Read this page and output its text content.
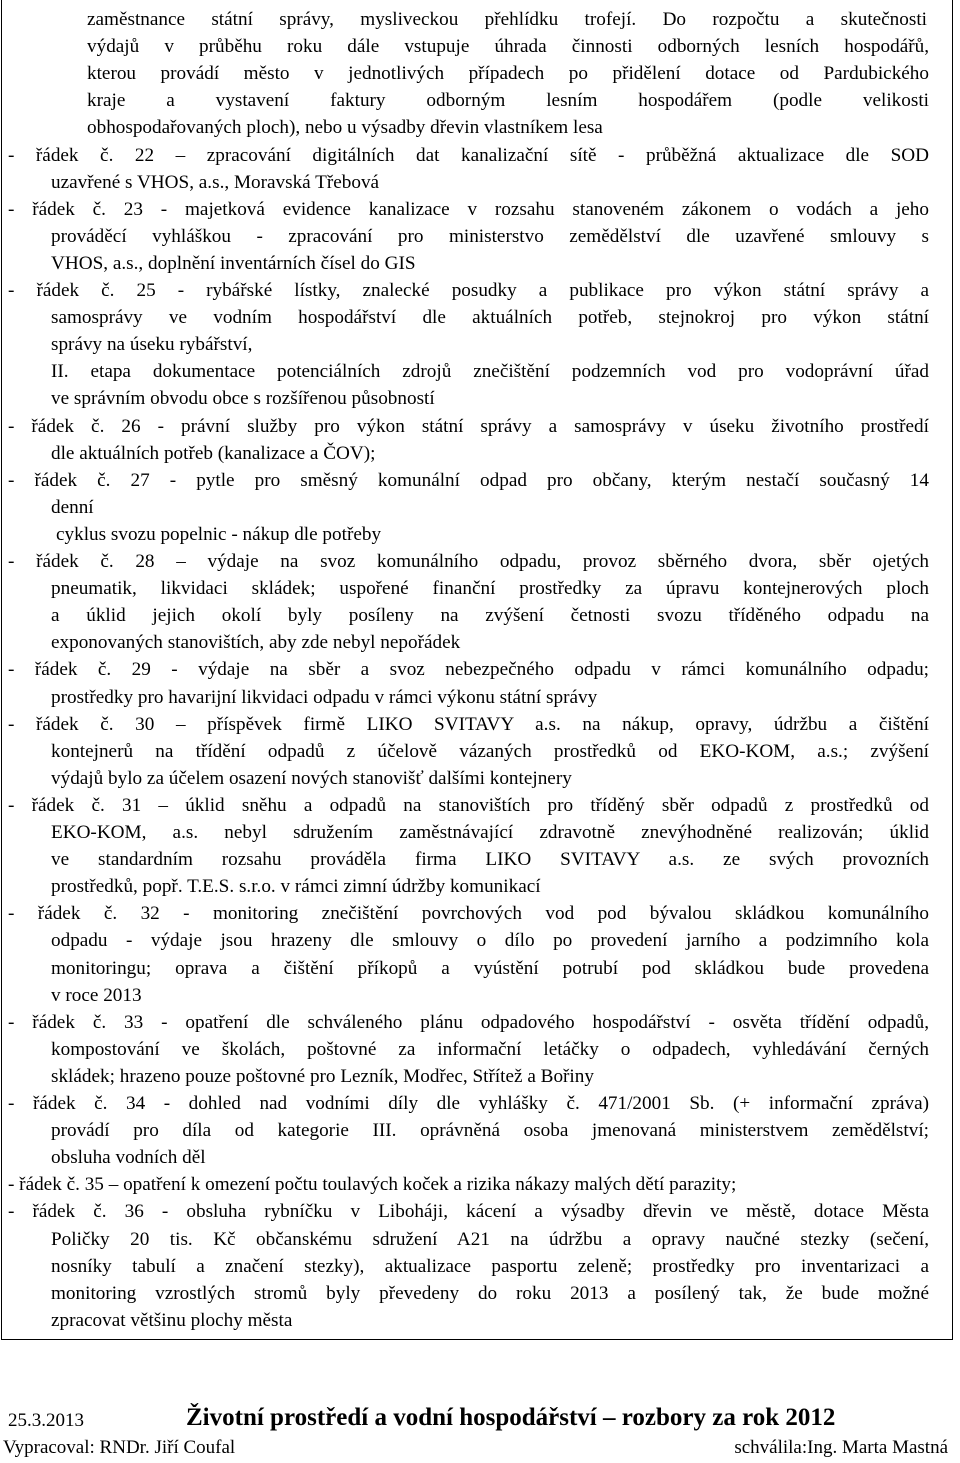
zaměstnance státní správy, mysliveckou přehlídku trofejí. Do rozpočtu a skutečnosti
výdajů v průběhu roku dále vstupuje úhrada činnosti odborných lesních hospodářů,
kterou provádí město v jednotlivých případech po přidělení dotace od Pardubického
kraje a vystavení faktury odborným lesním hospodářem (podle velikosti
obhospodařovaných ploch), nebo u výsadby dřevin vlastníkem lesa
- řádek č. 22 – zpracování digitálních dat kanalizační sítě - průběžná aktualizace dle SOD
uzavřené s VHOS, a.s., Moravská Třebová
- řádek č. 23 - majetková evidence kanalizace v rozsahu stanoveném zákonem o vodách a jeho
prováděcí vyhláškou - zpracování pro ministerstvo zemědělství dle uzavřené smlouvy s
VHOS, a.s., doplnění inventárních čísel do GIS
- řádek č. 25 - rybářské lístky, znalecké posudky a publikace pro výkon státní správy a
samosprávy ve vodním hospodářství dle aktuálních potřeb, stejnokroj pro výkon státní
správy na úseku rybářství,
II. etapa dokumentace potenciálních zdrojů znečištění podzemních vod pro vodoprávní úřad
ve správním obvodu obce s rozšířenou působností
- řádek č. 26 - právní služby pro výkon státní správy a samosprávy v úseku životního prostředí
dle aktuálních potřeb (kanalizace a ČOV);
- řádek č. 27 - pytle pro směsný komunální odpad pro občany, kterým nestačí současný 14
denní
cyklus svozu popelnic - nákup dle potřeby
- řádek č. 28 – výdaje na svoz komunálního odpadu, provoz sběrného dvora, sběr ojetých
pneumatik, likvidaci skládek; uspořené finanční prostředky za úpravu kontejnerových ploch
a úklid jejich okolí byly posíleny na zvýšení četnosti svozu tříděného odpadu na
exponovaných stanovištích, aby zde nebyl nepořádek
- řádek č. 29 - výdaje na sběr a svoz nebezpečného odpadu v rámci komunálního odpadu;
prostředky pro havarijní likvidaci odpadu v rámci výkonu státní správy
- řádek č. 30 – příspěvek firmě LIKO SVITAVY a.s. na nákup, opravy, údržbu a čištění
kontejnerů na třídění odpadů z účelově vázaných prostředků od EKO-KOM, a.s.; zvýšení
výdajů bylo za účelem osazení nových stanovišť dalšími kontejnery
- řádek č. 31 – úklid sněhu a odpadů na stanovištích pro tříděný sběr odpadů z prostředků od
EKO-KOM, a.s. nebyl sdružením zaměstnávající zdravotně znevýhodněné realizován; úklid
ve standardním rozsahu prováděla firma LIKO SVITAVY a.s. ze svých provozních
prostředků, popř. T.E.S. s.r.o. v rámci zimní údržby komunikací
- řádek č. 32 - monitoring znečištění povrchových vod pod bývalou skládkou komunálního
odpadu - výdaje jsou hrazeny dle smlouvy o dílo po provedení jarního a podzimního kola
monitoringu; oprava a čištění příkopů a vyústění potrubí pod skládkou bude provedena
v roce 2013
- řádek č. 33 - opatření dle schváleného plánu odpadového hospodářství - osvěta třídění odpadů,
kompostování ve školách, poštovné za informační letáčky o odpadech, vyhledávání černých
skládek; hrazeno pouze poštovné pro Lezník, Modřec, Střítež a Bořiny
- řádek č. 34 - dohled nad vodními díly dle vyhlášky č. 471/2001 Sb. (+ informační zpráva)
provádí pro díla od kategorie III. oprávněná osoba jmenovaná ministerstvem zemědělství;
obsluha vodních děl
- řádek č. 35 – opatření k omezení počtu toulavých koček a rizika nákazy malých dětí parazity;
- řádek č. 36 - obsluha rybníčku v Liboháji, kácení a výsadby dřevin ve městě, dotace Města
Poličky 20 tis. Kč občanskému sdružení A21 na údržbu a opravy naučné stezky (sečení,
nosníky tabulí a značení stezky), aktualizace pasportu zeleně; prostředky pro inventarizaci a
monitoring vzrostlých stromů byly převedeny do roku 2013 a posílený tak, že bude možné
zpracovat většinu plochy města
25.3.2013	Životní prostředí a vodní hospodářství – rozbory za rok 2012
Vypracoval: RNDr. Jiří Coufal	schválila:Ing. Marta Mastná
